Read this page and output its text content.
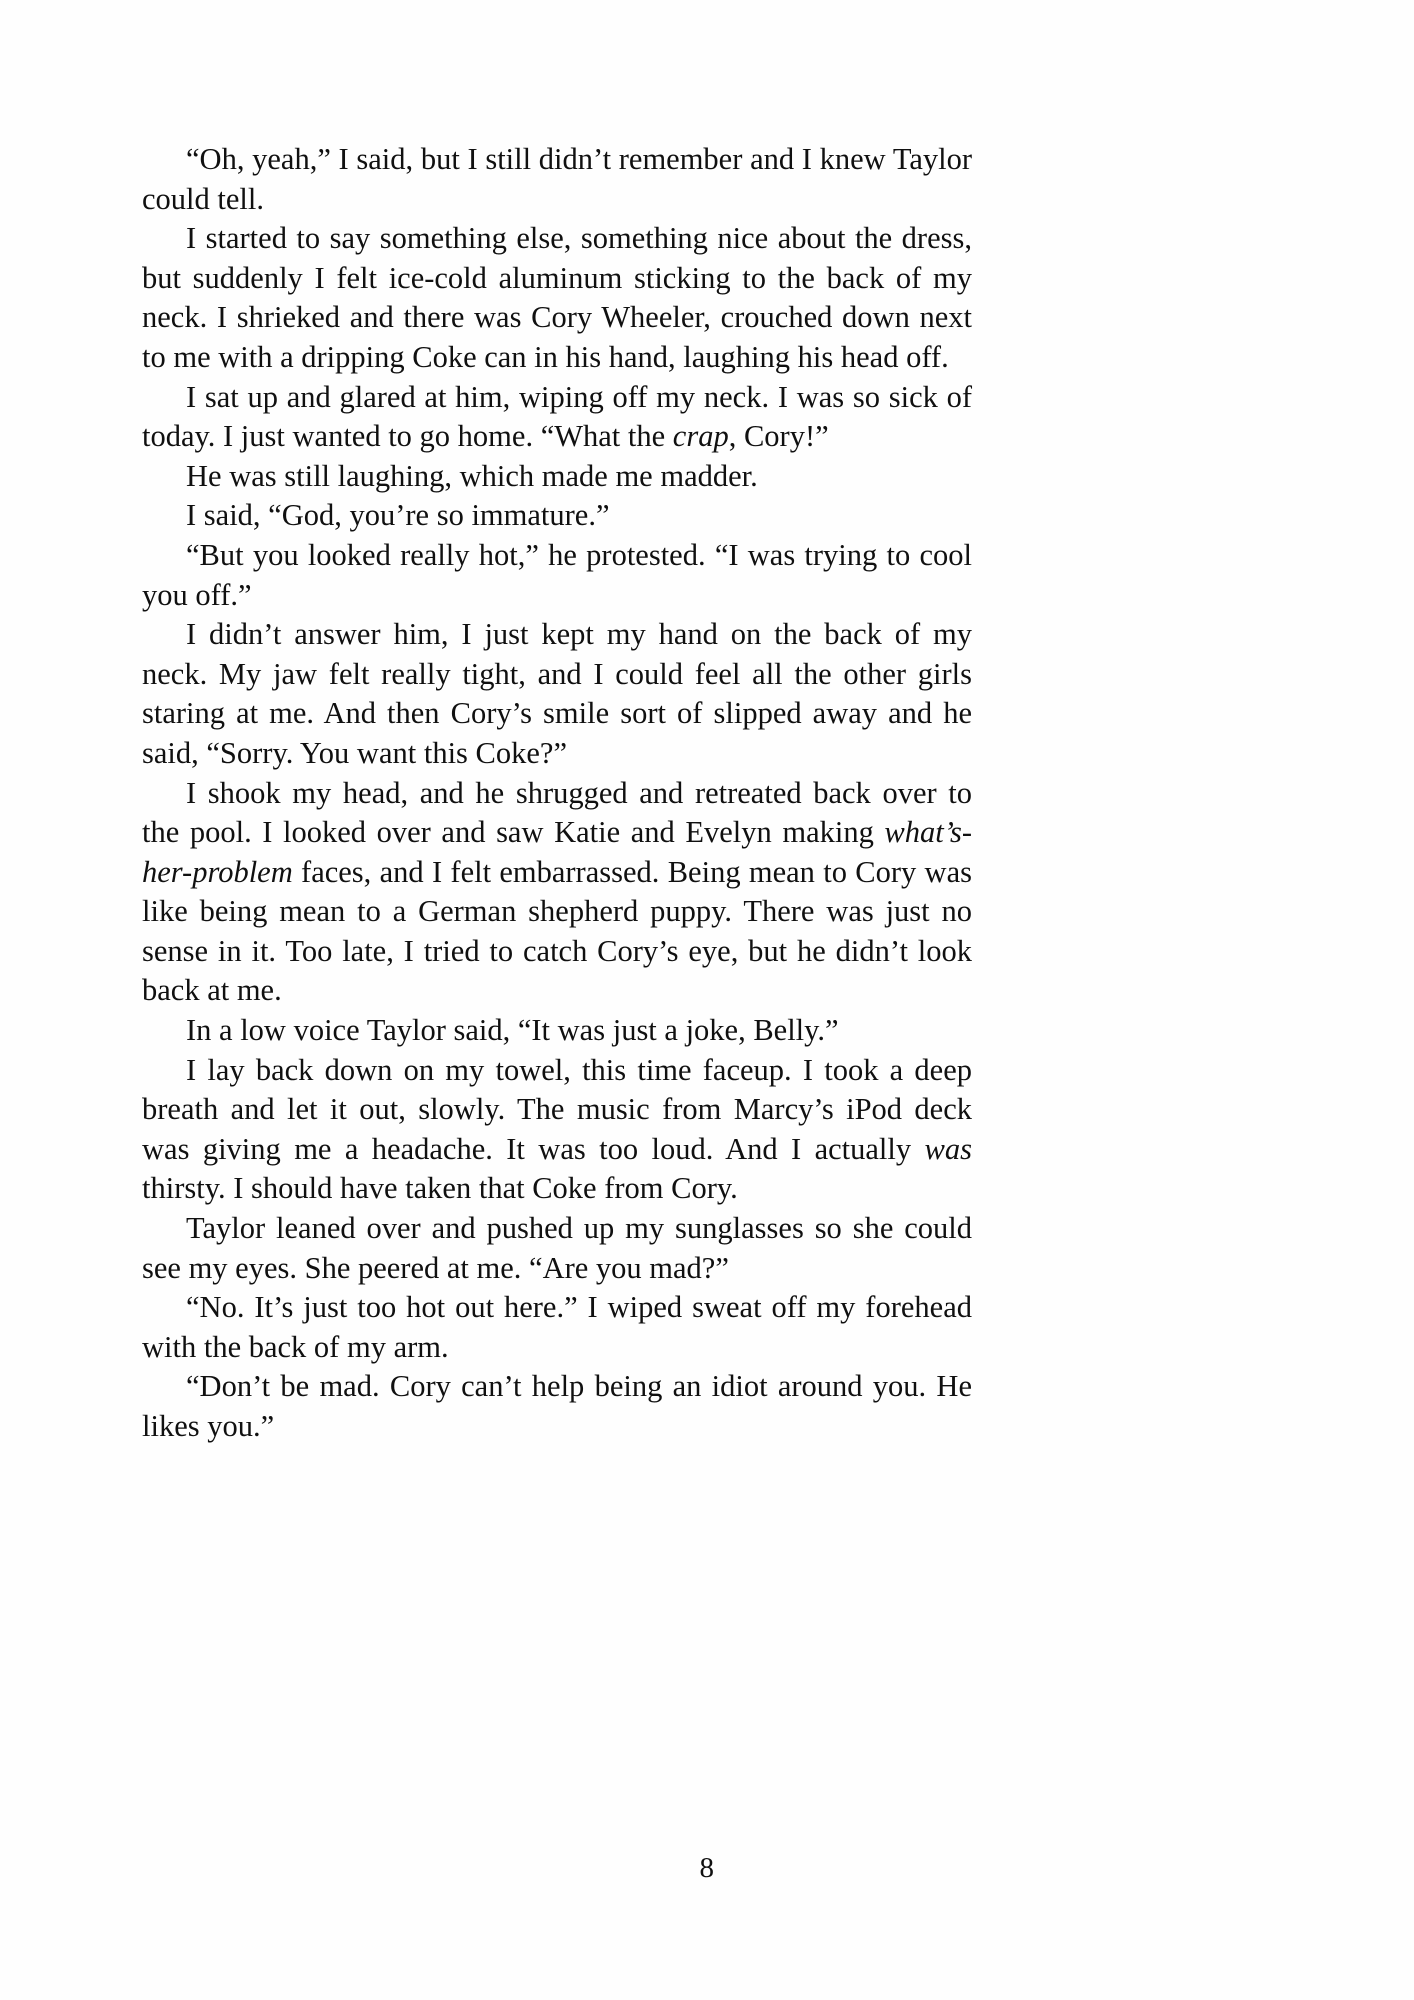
“Oh, yeah,” I said, but I still didn’t remember and I knew Taylor could tell.

I started to say something else, something nice about the dress, but suddenly I felt ice-cold aluminum sticking to the back of my neck. I shrieked and there was Cory Wheeler, crouched down next to me with a dripping Coke can in his hand, laughing his head off.

I sat up and glared at him, wiping off my neck. I was so sick of today. I just wanted to go home. “What the crap, Cory!”

He was still laughing, which made me madder.

I said, “God, you’re so immature.”

“But you looked really hot,” he protested. “I was trying to cool you off.”

I didn’t answer him, I just kept my hand on the back of my neck. My jaw felt really tight, and I could feel all the other girls staring at me. And then Cory’s smile sort of slipped away and he said, “Sorry. You want this Coke?”

I shook my head, and he shrugged and retreated back over to the pool. I looked over and saw Katie and Evelyn making what’s-her-problem faces, and I felt embarrassed. Being mean to Cory was like being mean to a German shepherd puppy. There was just no sense in it. Too late, I tried to catch Cory’s eye, but he didn’t look back at me.

In a low voice Taylor said, “It was just a joke, Belly.”

I lay back down on my towel, this time faceup. I took a deep breath and let it out, slowly. The music from Marcy’s iPod deck was giving me a headache. It was too loud. And I actually was thirsty. I should have taken that Coke from Cory.

Taylor leaned over and pushed up my sunglasses so she could see my eyes. She peered at me. “Are you mad?”

“No. It’s just too hot out here.” I wiped sweat off my forehead with the back of my arm.

“Don’t be mad. Cory can’t help being an idiot around you. He likes you.”

8
